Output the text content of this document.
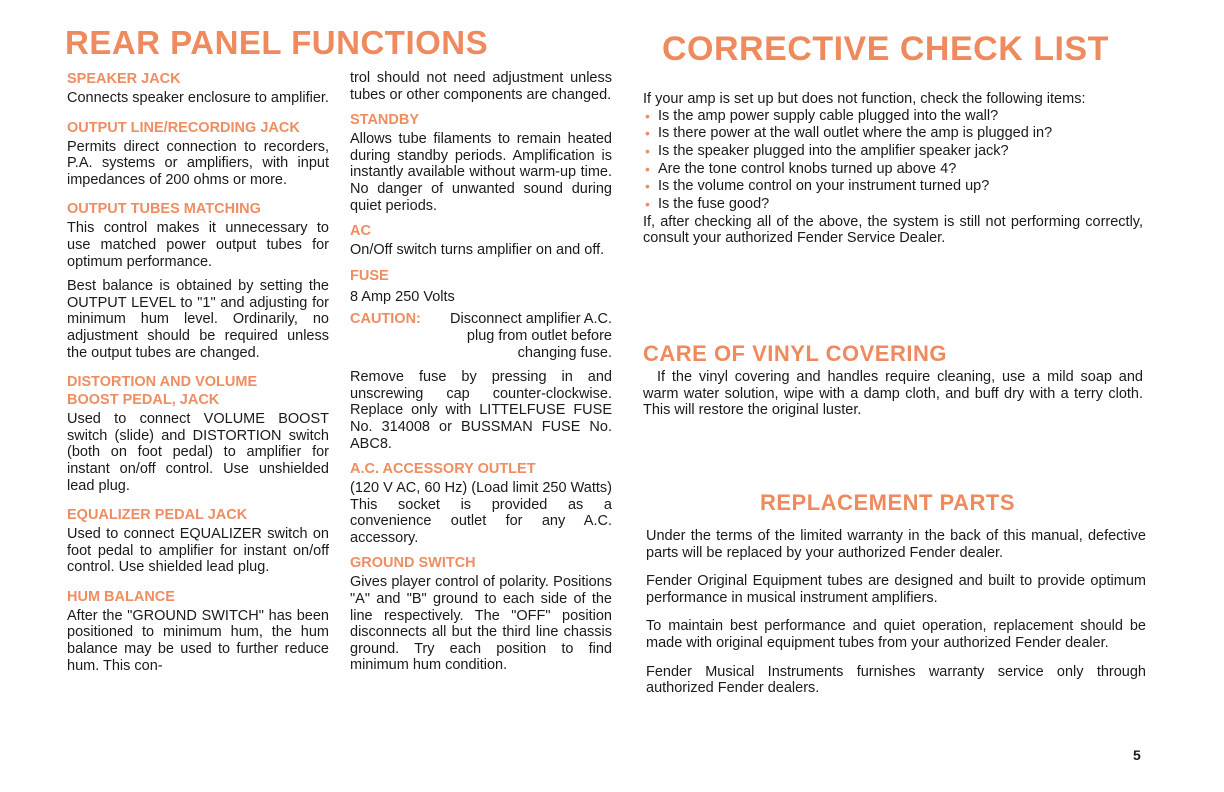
REAR PANEL FUNCTIONS
SPEAKER JACK

Connects speaker enclosure to amplifier.

OUTPUT LINE/RECORDING JACK

Permits direct connection to recorders, P.A. systems or amplifiers, with input impedances of 200 ohms or more.

OUTPUT TUBES MATCHING

This control makes it unnecessary to use matched power output tubes for optimum performance.

Best balance is obtained by setting the OUTPUT LEVEL to "1" and adjusting for minimum hum level. Ordinarily, no adjustment should be required unless the output tubes are changed.

DISTORTION AND VOLUME BOOST PEDAL, JACK

Used to connect VOLUME BOOST switch (slide) and DISTORTION switch (both on foot pedal) to amplifier for instant on/off control. Use unshielded lead plug.

EQUALIZER PEDAL JACK

Used to connect EQUALIZER switch on foot pedal to amplifier for instant on/off control. Use shielded lead plug.

HUM BALANCE

After the "GROUND SWITCH" has been positioned to minimum hum, the hum balance may be used to further reduce hum. This con-

trol should not need adjustment unless tubes or other components are changed.

STANDBY

Allows tube filaments to remain heated during standby periods. Amplification is instantly available without warm-up time. No danger of unwanted sound during quiet periods.

AC

On/Off switch turns amplifier on and off.

FUSE

8 Amp 250 Volts

CAUTION:	Disconnect amplifier A.C. plug from outlet before changing fuse.

Remove fuse by pressing in and unscrewing cap counter-clockwise. Replace only with LITTELFUSE FUSE No. 314008 or BUSSMAN FUSE No. ABC8.

A.C. ACCESSORY OUTLET

(120 V AC, 60 Hz) (Load limit 250 Watts) This socket is provided as a convenience outlet for any A.C. accessory.

GROUND SWITCH

Gives player control of polarity. Positions "A" and "B" ground to each side of the line respectively. The "OFF" position disconnects all but the third line chassis ground. Try each position to find minimum hum condition.

CORRECTIVE CHECK LIST

If your amp is set up but does not function, check the following items:

• Is the amp power supply cable plugged into the wall?
• Is there power at the wall outlet where the amp is plugged in?
• Is the speaker plugged into the amplifier speaker jack?
• Are the tone control knobs turned up above 4?
• Is the volume control on your instrument turned up?
• Is the fuse good?

If, after checking all of the above, the system is still not performing correctly, consult your authorized Fender Service Dealer.

CARE OF VINYL COVERING

If the vinyl covering and handles require cleaning, use a mild soap and warm water solution, wipe with a damp cloth, and buff dry with a terry cloth. This will restore the original luster.

REPLACEMENT PARTS

Under the terms of the limited warranty in the back of this manual, defective parts will be replaced by your authorized Fender dealer.

Fender Original Equipment tubes are designed and built to provide optimum performance in musical instrument amplifiers.

To maintain best performance and quiet operation, replacement should be made with original equipment tubes from your authorized Fender dealer.

Fender Musical Instruments furnishes warranty service only through authorized Fender dealers.

5
